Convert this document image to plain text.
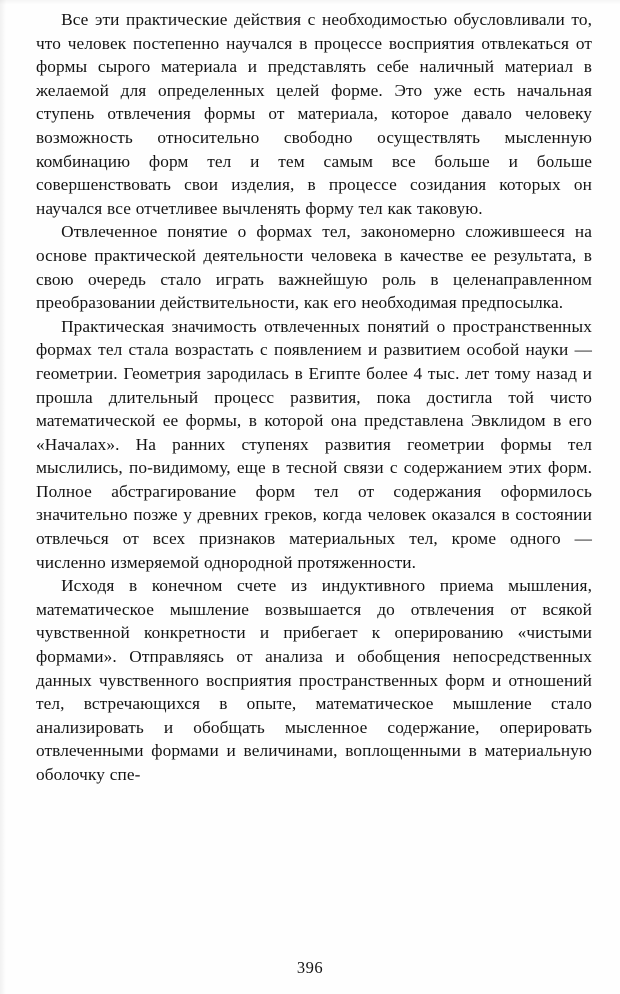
Все эти практические действия с необходимостью обусловливали то, что человек постепенно научался в процессе восприятия отвлекаться от формы сырого материала и представлять себе наличный материал в желаемой для определенных целей форме. Это уже есть начальная ступень отвлечения формы от материала, которое давало человеку возможность относительно свободно осуществлять мысленную комбинацию форм тел и тем самым все больше и больше совершенствовать свои изделия, в процессе созидания которых он научался все отчетливее вычленять форму тел как таковую.

Отвлеченное понятие о формах тел, закономерно сложившееся на основе практической деятельности человека в качестве ее результата, в свою очередь стало играть важнейшую роль в целенаправленном преобразовании действительности, как его необходимая предпосылка.

Практическая значимость отвлеченных понятий о пространственных формах тел стала возрастать с появлением и развитием особой науки — геометрии. Геометрия зародилась в Египте более 4 тыс. лет тому назад и прошла длительный процесс развития, пока достигла той чисто математической ее формы, в которой она представлена Эвклидом в его «Началах». На ранних ступенях развития геометрии формы тел мыслились, по-видимому, еще в тесной связи с содержанием этих форм. Полное абстрагирование форм тел от содержания оформилось значительно позже у древних греков, когда человек оказался в состоянии отвлечься от всех признаков материальных тел, кроме одного — численно измеряемой однородной протяженности.

Исходя в конечном счете из индуктивного приема мышления, математическое мышление возвышается до отвлечения от всякой чувственной конкретности и прибегает к оперированию «чистыми формами». Отправляясь от анализа и обобщения непосредственных данных чувственного восприятия пространственных форм и отношений тел, встречающихся в опыте, математическое мышление стало анализировать и обобщать мысленное содержание, оперировать отвлеченными формами и величинами, воплощенными в материальную оболочку спе-

396
